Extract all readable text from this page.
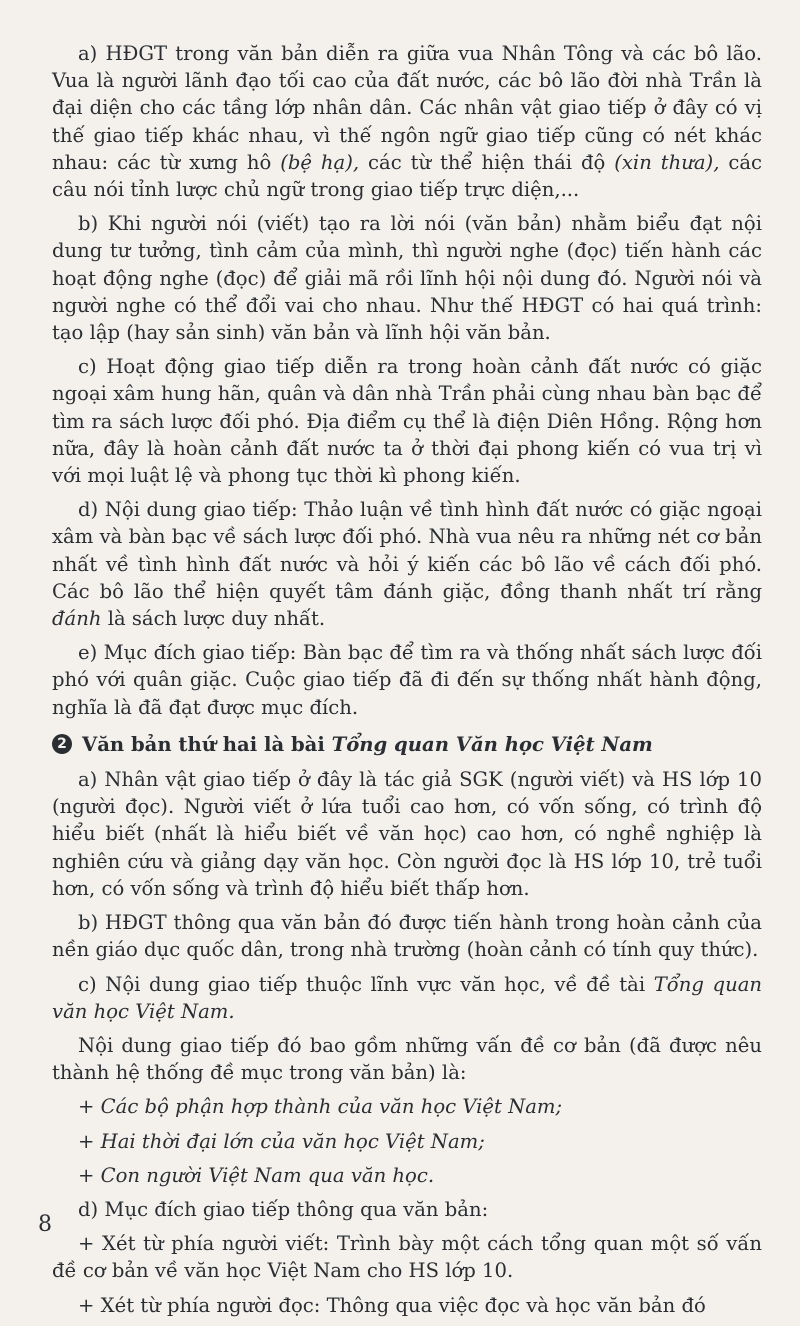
a) HĐGT trong văn bản diễn ra giữa vua Nhân Tông và các bô lão. Vua là người lãnh đạo tối cao của đất nước, các bô lão đời nhà Trần là đại diện cho các tầng lớp nhân dân. Các nhân vật giao tiếp ở đây có vị thế giao tiếp khác nhau, vì thế ngôn ngữ giao tiếp cũng có nét khác nhau: các từ xưng hô (bệ hạ), các từ thể hiện thái độ (xin thưa), các câu nói tỉnh lược chủ ngữ trong giao tiếp trực diện,...

b) Khi người nói (viết) tạo ra lời nói (văn bản) nhằm biểu đạt nội dung tư tưởng, tình cảm của mình, thì người nghe (đọc) tiến hành các hoạt động nghe (đọc) để giải mã rồi lĩnh hội nội dung đó. Người nói và người nghe có thể đổi vai cho nhau. Như thế HĐGT có hai quá trình: tạo lập (hay sản sinh) văn bản và lĩnh hội văn bản.

c) Hoạt động giao tiếp diễn ra trong hoàn cảnh đất nước có giặc ngoại xâm hung hãn, quân và dân nhà Trần phải cùng nhau bàn bạc để tìm ra sách lược đối phó. Địa điểm cụ thể là điện Diên Hồng. Rộng hơn nữa, đây là hoàn cảnh đất nước ta ở thời đại phong kiến có vua trị vì với mọi luật lệ và phong tục thời kì phong kiến.

d) Nội dung giao tiếp: Thảo luận về tình hình đất nước có giặc ngoại xâm và bàn bạc về sách lược đối phó. Nhà vua nêu ra những nét cơ bản nhất về tình hình đất nước và hỏi ý kiến các bô lão về cách đối phó. Các bô lão thể hiện quyết tâm đánh giặc, đồng thanh nhất trí rằng đánh là sách lược duy nhất.

e) Mục đích giao tiếp: Bàn bạc để tìm ra và thống nhất sách lược đối phó với quân giặc. Cuộc giao tiếp đã đi đến sự thống nhất hành động, nghĩa là đã đạt được mục đích.

2 Văn bản thứ hai là bài
Tổng quan Văn học Việt Nam

a) Nhân vật giao tiếp ở đây là tác giả SGK (người viết) và HS lớp 10 (người đọc). Người viết ở lứa tuổi cao hơn, có vốn sống, có trình độ hiểu biết (nhất là hiểu biết về văn học) cao hơn, có nghề nghiệp là nghiên cứu và giảng dạy văn học. Còn người đọc là HS lớp 10, trẻ tuổi hơn, có vốn sống và trình độ hiểu biết thấp hơn.

b) HĐGT thông qua văn bản đó được tiến hành trong hoàn cảnh của nền giáo dục quốc dân, trong nhà trường (hoàn cảnh có tính quy thức).

c) Nội dung giao tiếp thuộc lĩnh vực văn học, về đề tài Tổng quan văn học Việt Nam.

Nội dung giao tiếp đó bao gồm những vấn đề cơ bản (đã được nêu thành hệ thống đề mục trong văn bản) là:

+ Các bộ phận hợp thành của văn học Việt Nam;

+ Hai thời đại lớn của văn học Việt Nam;

+ Con người Việt Nam qua văn học.

d) Mục đích giao tiếp thông qua văn bản:

+ Xét từ phía người viết: Trình bày một cách tổng quan một số vấn đề cơ bản về văn học Việt Nam cho HS lớp 10.

+ Xét từ phía người đọc: Thông qua việc đọc và học văn bản đó

8
